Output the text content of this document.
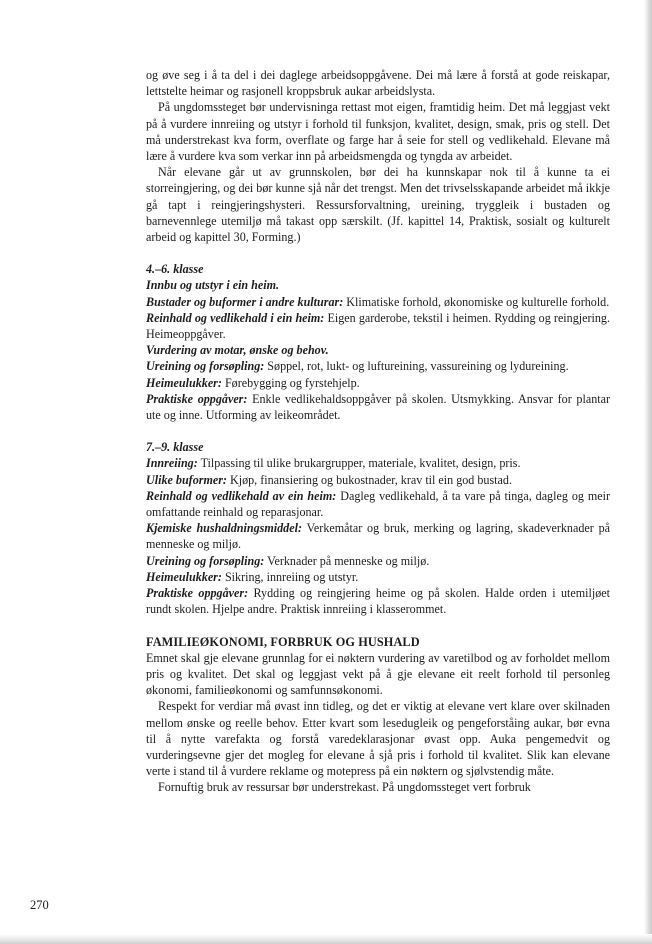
og øve seg i å ta del i dei daglege arbeidsoppgåvene. Dei må lære å forstå at gode reiskapar, lettstelte heimar og rasjonell kroppsbruk aukar arbeidslysta.

På ungdomssteget bør undervisninga rettast mot eigen, framtidig heim. Det må leggjast vekt på å vurdere innreiing og utstyr i forhold til funksjon, kvalitet, design, smak, pris og stell. Det må understrekast kva form, overflate og farge har å seie for stell og vedlikehald. Elevane må lære å vurdere kva som verkar inn på arbeidsmengda og tyngda av arbeidet.

Når elevane går ut av grunnskolen, bør dei ha kunnskapar nok til å kunne ta ei storreingjering, og dei bør kunne sjå når det trengst. Men det trivselsskapande arbeidet må ikkje gå tapt i reingjeringshysteri. Ressursforvaltning, ureining, tryggleik i bustaden og barnevennlege utemiljø må takast opp særskilt. (Jf. kapittel 14, Praktisk, sosialt og kulturelt arbeid og kapittel 30, Forming.)

4.–6. klasse

Innbu og utstyr i ein heim.

Bustader og buformer i andre kulturar: Klimatiske forhold, økonomiske og kulturelle forhold.

Reinhald og vedlikehald i ein heim: Eigen garderobe, tekstil i heimen. Rydding og reingjering. Heimeoppgåver.

Vurdering av motar, ønske og behov.

Ureining og forsøpling: Søppel, rot, lukt- og luftureining, vassureining og lydureining.

Heimeulukker: Førebygging og fyrstehjelp.

Praktiske oppgåver: Enkle vedlikehaldsoppgåver på skolen. Utsmykking. Ansvar for plantar ute og inne. Utforming av leikeområdet.

7.–9. klasse

Innreiing: Tilpassing til ulike brukargrupper, materiale, kvalitet, design, pris.

Ulike buformer: Kjøp, finansiering og bukostnader, krav til ein god bustad.

Reinhald og vedlikehald av ein heim: Dagleg vedlikehald, å ta vare på tinga, dagleg og meir omfattande reinhald og reparasjonar.

Kjemiske hushaldningsmiddel: Verkemåtar og bruk, merking og lagring, skadeverknader på menneske og miljø.

Ureining og forsøpling: Verknader på menneske og miljø.

Heimeulukker: Sikring, innreiing og utstyr.

Praktiske oppgåver: Rydding og reingjering heime og på skolen. Halde orden i utemiljøet rundt skolen. Hjelpe andre. Praktisk innreiing i klasserommet.

FAMILIEØKONOMI, FORBRUK OG HUSHALD

Emnet skal gje elevane grunnlag for ei nøktern vurdering av varetilbod og av forholdet mellom pris og kvalitet. Det skal og leggjast vekt på å gje elevane eit reelt forhold til personleg økonomi, familieøkonomi og samfunnsøkonomi.

Respekt for verdiar må øvast inn tidleg, og det er viktig at elevane vert klare over skilnaden mellom ønske og reelle behov. Etter kvart som lesedugleik og pengeforståing aukar, bør evna til å nytte varefakta og forstå varedeklarasjonar øvast opp. Auka pengemedvit og vurderingsevne gjer det mogleg for elevane å sjå pris i forhold til kvalitet. Slik kan elevane verte i stand til å vurdere reklame og motepress på ein nøktern og sjølvstendig måte.

Fornuftig bruk av ressursar bør understrekast. På ungdomssteget vert forbruk

270
